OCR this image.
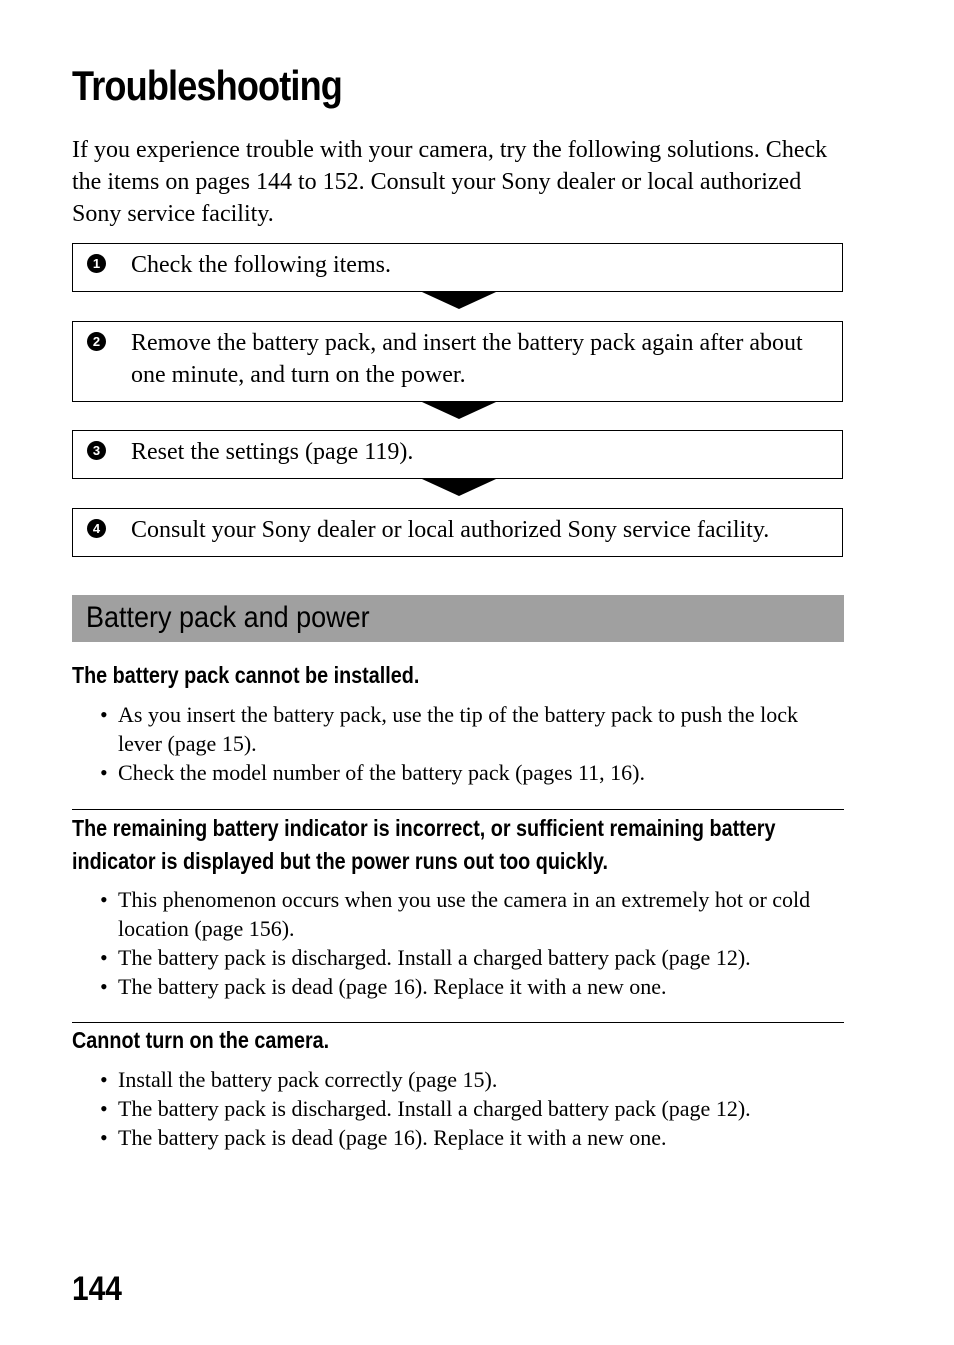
Troubleshooting

If you experience trouble with your camera, try the following solutions. Check the items on pages 144 to 152. Consult your Sony dealer or local authorized Sony service facility.

1 Check the following items.
2 Remove the battery pack, and insert the battery pack again after about one minute, and turn on the power.
3 Reset the settings (page 119).
4 Consult your Sony dealer or local authorized Sony service facility.
Battery pack and power
The battery pack cannot be installed.
• As you insert the battery pack, use the tip of the battery pack to push the lock lever (page 15).
• Check the model number of the battery pack (pages 11, 16).
The remaining battery indicator is incorrect, or sufficient remaining battery indicator is displayed but the power runs out too quickly.
• This phenomenon occurs when you use the camera in an extremely hot or cold location (page 156).
• The battery pack is discharged. Install a charged battery pack (page 12).
• The battery pack is dead (page 16). Replace it with a new one.
Cannot turn on the camera.
• Install the battery pack correctly (page 15).
• The battery pack is discharged. Install a charged battery pack (page 12).
• The battery pack is dead (page 16). Replace it with a new one.

144
